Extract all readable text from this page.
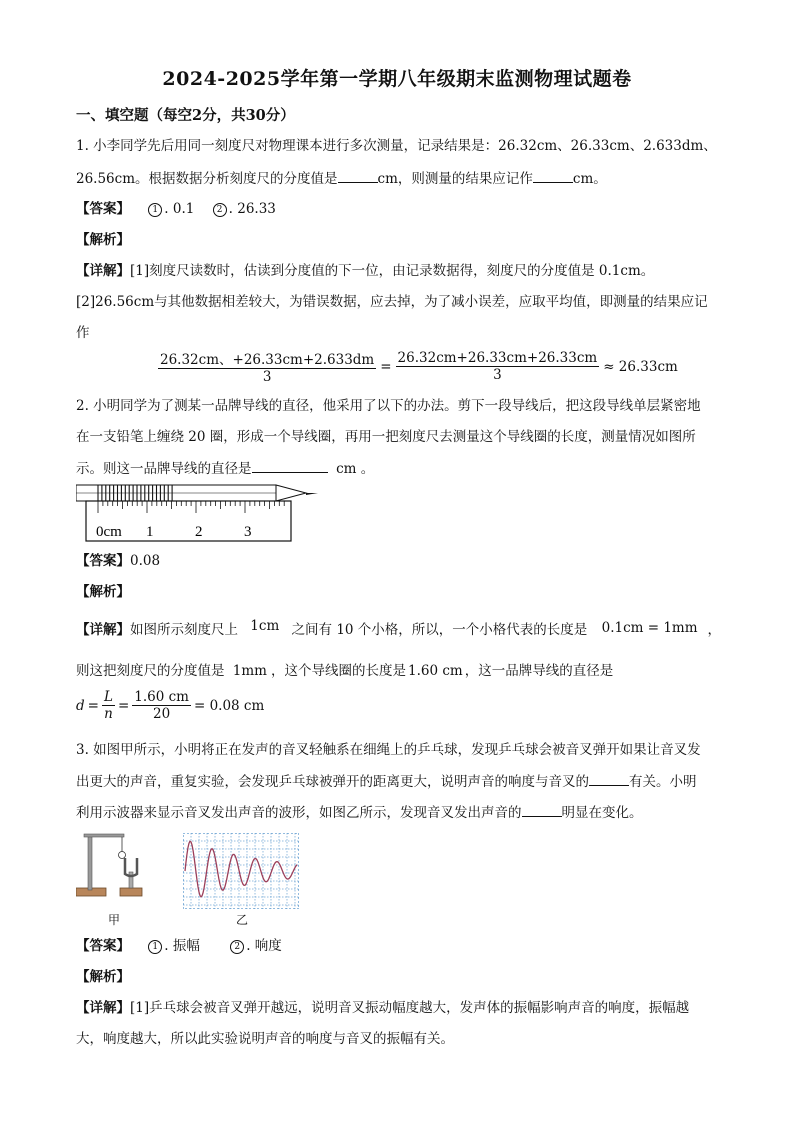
2024-2025学年第一学期八年级期末监测物理试题卷
一、填空题（每空2分，共30分）
1. 小李同学先后用同一刻度尺对物理课本进行多次测量，记录结果是：26.32cm、26.33cm、2.633dm、
26.56cm。根据数据分析刻度尺的分度值是	cm，则测量的结果应记作	cm。
【答案】 1 . 0.1 2 . 26.33
【解析】
【详解】[1]刻度尺读数时，估读到分度值的下一位，由记录数据得，刻度尺的分度值是 0.1cm。
[2]26.56cm与其他数据相差较大，为错误数据，应去掉，为了减小误差，应取平均值，即测量的结果应记
作
$\frac{26.32cm、+26.33cm+2.633dm}{3} = \frac{26.32cm+26.33cm+26.33cm}{3} \approx 26.33cm$
2. 小明同学为了测某一品牌导线的直径，他采用了以下的办法。剪下一段导线后，把这段导线单层紧密地
在一支铅笔上缠绕 20 圈，形成一个导线圈，再用一把刻度尺去测量这个导线圈的长度，测量情况如图所
示。则这一品牌导线的直径是	cm 。
0cm 1	2	3
【答案】0.08
【解析】
【详解】如图所示刻度尺上 1cm 之间有 10 个小格，所以，一个小格代表的长度是 0.1cm = 1mm ，
则这把刻度尺的分度值是 1mm ，这个导线圈的长度是 1.60 cm ，这一品牌导线的直径是
$d = \frac{L}{n} = \frac{1.60 cm}{20} = 0.08$ cm
3. 如图甲所示，小明将正在发声的音叉轻触系在细绳上的乒乓球，发现乒乓球会被音叉弹开如果让音叉发
出更大的声音，重复实验，会发现乒乓球被弹开的距离更大，说明声音的响度与音叉的	有关。小明
利用示波器来显示音叉发出声音的波形，如图乙所示，发现音叉发出声音的	明显在变化。
甲	乙
【答案】 1 . 振幅	2 . 响度
【解析】
【详解】[1]乒乓球会被音叉弹开越远，说明音叉振动幅度越大，发声体的振幅影响声音的响度，振幅越
大，响度越大，所以此实验说明声音的响度与音叉的振幅有关。
